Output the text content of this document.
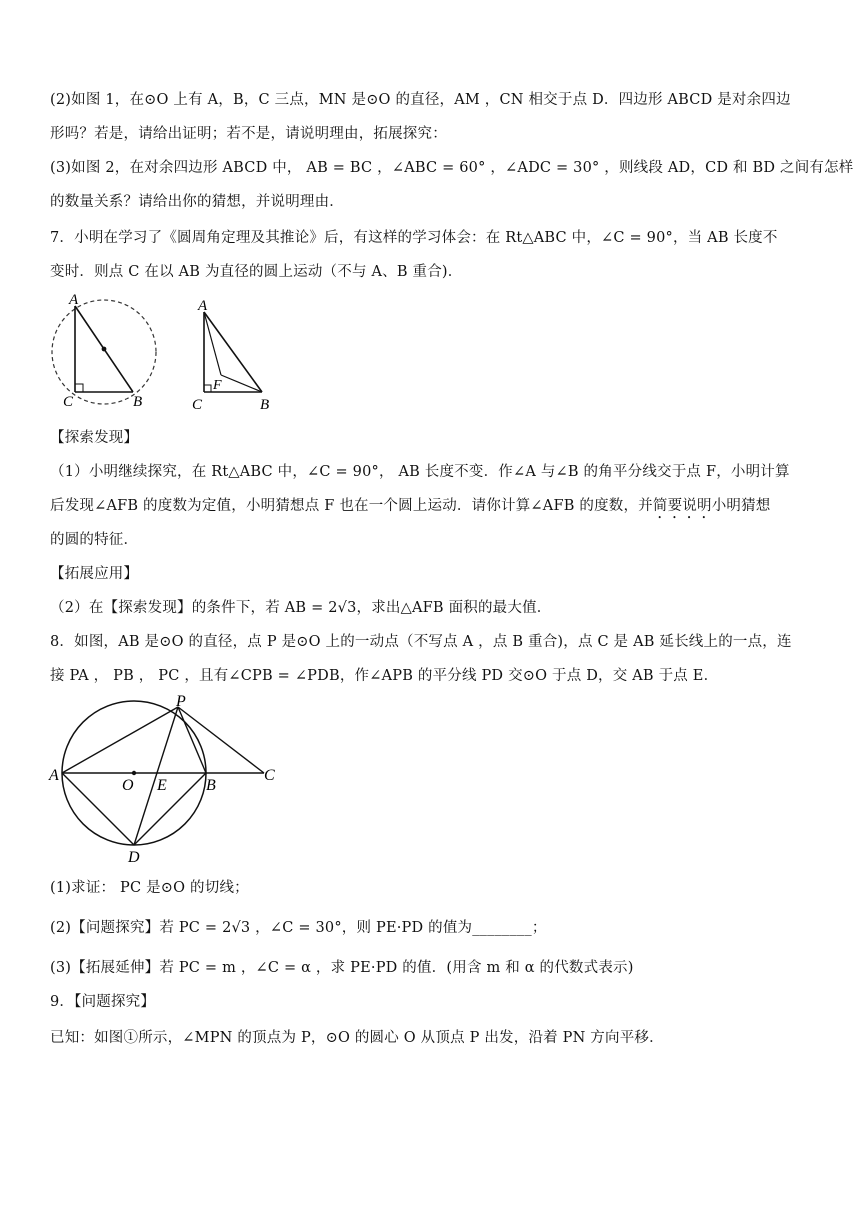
(2)如图 1，在⊙O 上有 A，B，C 三点，MN 是⊙O 的直径，AM ，CN 相交于点 D．四边形 ABCD 是对余四边
形吗？若是，请给出证明；若不是，请说明理由，拓展探究：
(3)如图 2，在对余四边形 ABCD 中， AB = BC ，∠ABC = 60° ，∠ADC = 30° ，则线段 AD，CD 和 BD 之间有怎样
的数量关系？请给出你的猜想，并说明理由．
7．小明在学习了《圆周角定理及其推论》后，有这样的学习体会：在 Rt△ABC 中，∠C = 90°，当 AB 长度不
变时．则点 C 在以 AB 为直径的圆上运动（不与 A、B 重合)．
A
C	B
A
F
C	B
【探索发现】
（1）小明继续探究，在 Rt△ABC 中，∠C = 90°， AB 长度不变．作∠A 与∠B 的角平分线交于点 F，小明计算
后发现∠AFB 的度数为定值，小明猜想点 F 也在一个圆上运动．请你计算∠AFB 的度数，并简要说明小明猜想
的圆的特征．
【拓展应用】
（2）在【探索发现】的条件下，若 AB = 2√3，求出△AFB 面积的最大值．
8．如图，AB 是⊙O 的直径，点 P 是⊙O 上的一动点（不写点 A ，点 B 重合)，点 C 是 AB 延长线上的一点，连
接 PA ， PB ， PC ，且有∠CPB = ∠PDB，作∠APB 的平分线 PD 交⊙O 于点 D，交 AB 于点 E．
P
A
O E B
C
D
(1)求证： PC 是⊙O 的切线；
(2)【问题探究】若 PC = 2√3 ，∠C = 30°，则 PE·PD 的值为________；
(3)【拓展延伸】若 PC = m ，∠C = α ，求 PE·PD 的值．(用含 m 和 α 的代数式表示)
9．【问题探究】
已知：如图①所示，∠MPN 的顶点为 P，⊙O 的圆心 O 从顶点 P 出发，沿着 PN 方向平移．
